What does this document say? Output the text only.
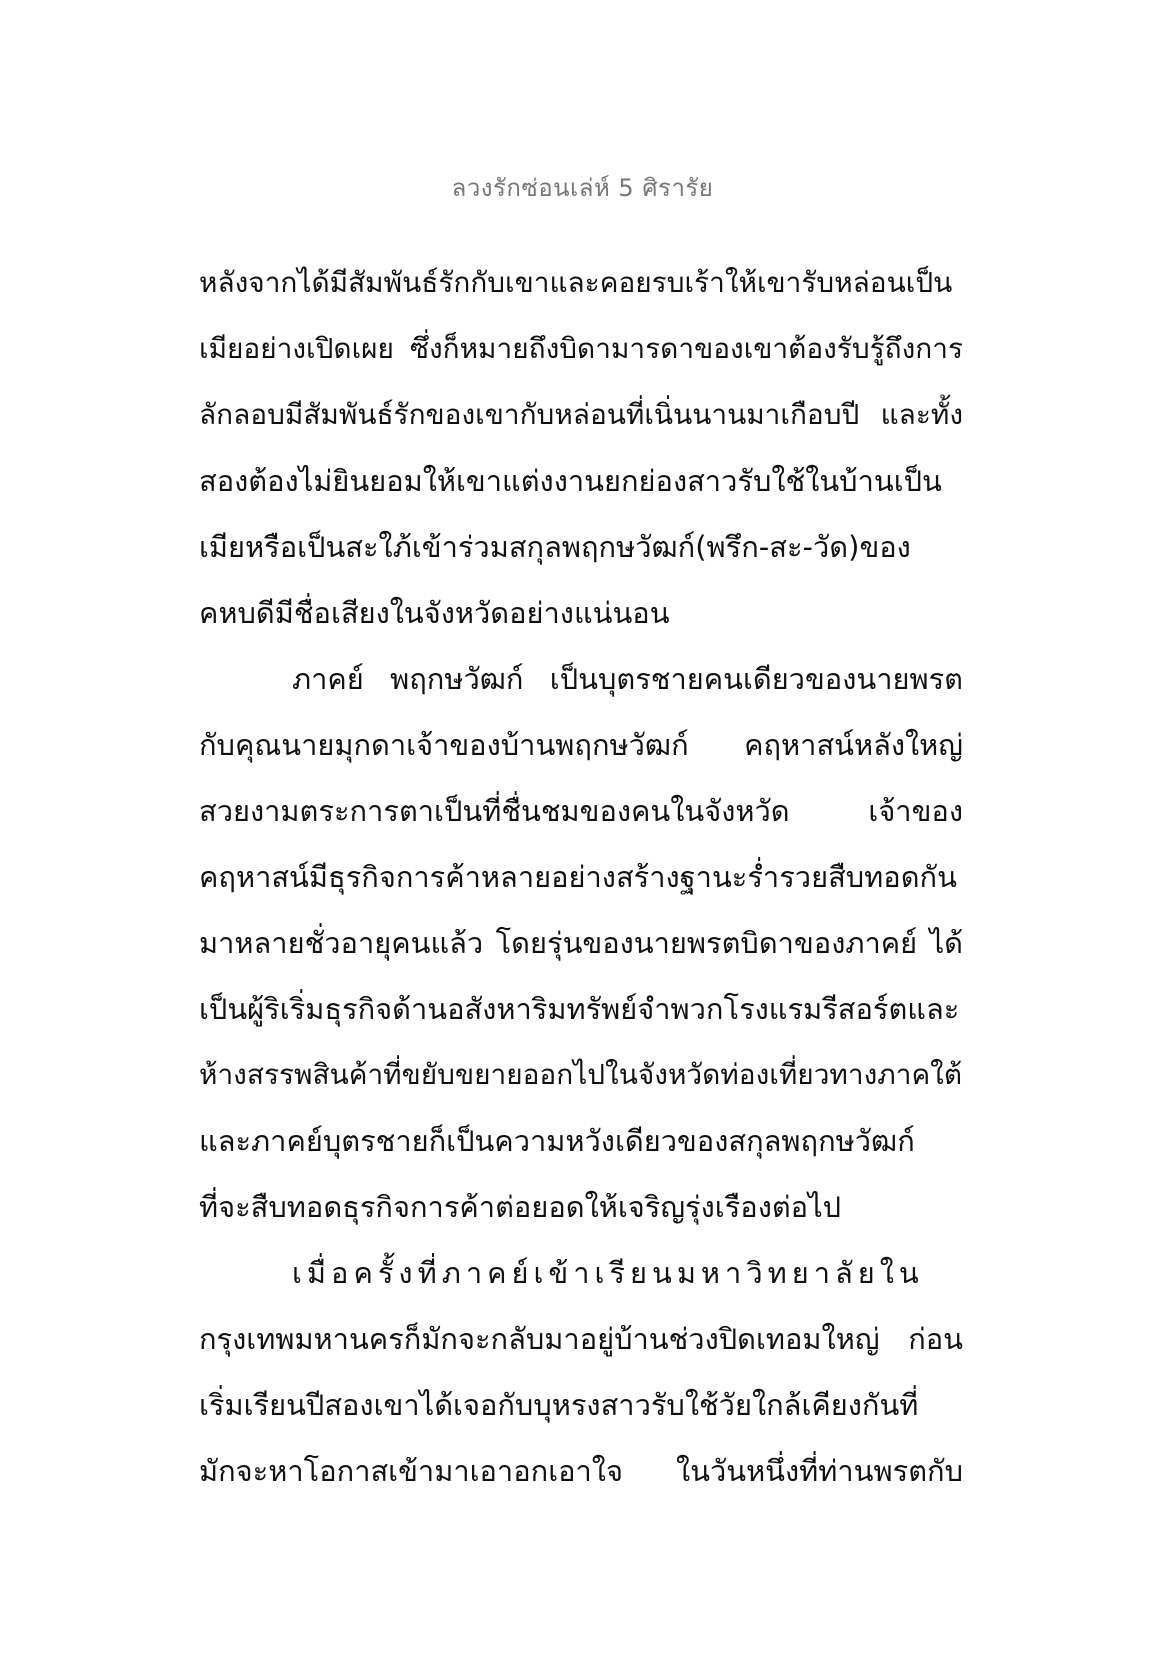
ลวงรักซ่อนเล่ห์ 5 ศิรารัย
หลังจากได้มีสัมพันธ์รักกับเขาและคอยรบเร้าให้เขารับหล่อนเป็น
เมียอย่างเปิดเผย ซึ่งก็หมายถึงบิดามารดาของเขาต้องรับรู้ถึงการ
ลักลอบมีสัมพันธ์รักของเขากับหล่อนที่เนิ่นนานมาเกือบปี และทั้ง
สองต้องไม่ยินยอมให้เขาแต่งงานยกย่องสาวรับใช้ในบ้านเป็น
เมียหรือเป็นสะใภ้เข้าร่วมสกุลพฤกษวัฒก์(พรึก-สะ-วัด)ของ
คหบดีมีชื่อเสียงในจังหวัดอย่างแน่นอน
ภาคย์ พฤกษวัฒก์ เป็นบุตรชายคนเดียวของนายพรต
กับคุณนายมุกดาเจ้าของบ้านพฤกษวัฒก์ คฤหาสน์หลังใหญ่
สวยงามตระการตาเป็นที่ชื่นชมของคนในจังหวัด เจ้าของ
คฤหาสน์มีธุรกิจการค้าหลายอย่างสร้างฐานะร่ำรวยสืบทอดกัน
มาหลายชั่วอายุคนแล้ว โดยรุ่นของนายพรตบิดาของภาคย์ ได้
เป็นผู้ริเริ่มธุรกิจด้านอสังหาริมทรัพย์จำพวกโรงแรมรีสอร์ตและ
ห้างสรรพสินค้าที่ขยับขยายออกไปในจังหวัดท่องเที่ยวทางภาคใต้
และภาคย์บุตรชายก็เป็นความหวังเดียวของสกุลพฤกษวัฒก์
ที่จะสืบทอดธุรกิจการค้าต่อยอดให้เจริญรุ่งเรืองต่อไป
เมื่อครั้งที่ภาคย์เข้าเรียนมหาวิทยาลัยใน
กรุงเทพมหานครก็มักจะกลับมาอยู่บ้านช่วงปิดเทอมใหญ่ ก่อน
เริ่มเรียนปีสองเขาได้เจอกับบุหรงสาวรับใช้วัยใกล้เคียงกันที่
มักจะหาโอกาสเข้ามาเอาอกเอาใจ ในวันหนึ่งที่ท่านพรตกับ
